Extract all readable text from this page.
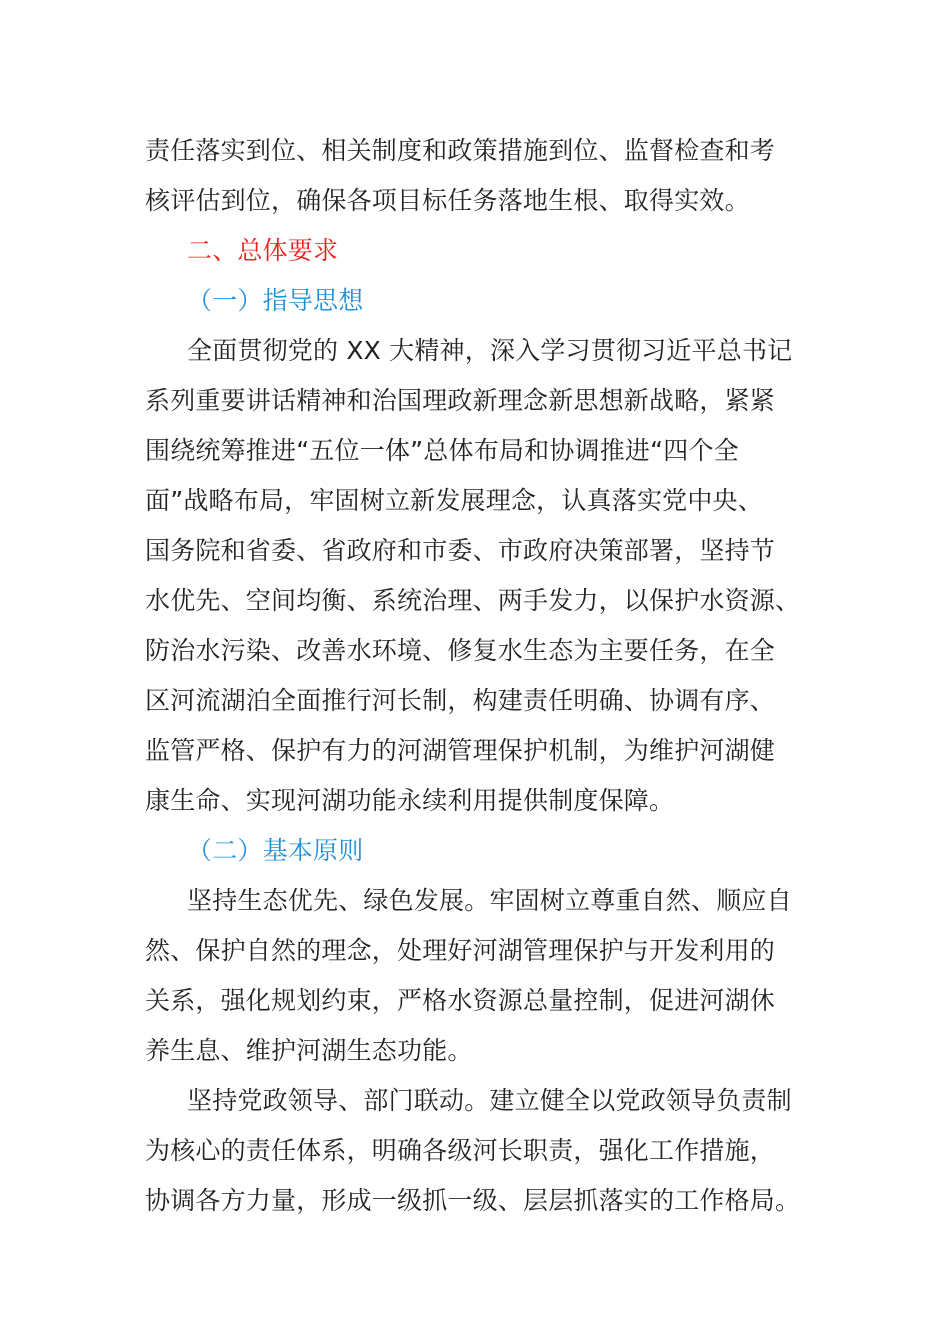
责任落实到位、相关制度和政策措施到位、监督检查和考
核评估到位，确保各项目标任务落地生根、取得实效。
二、总体要求
（一）指导思想
全面贯彻党的 XX 大精神，深入学习贯彻习近平总书记
系列重要讲话精神和治国理政新理念新思想新战略，紧紧
围绕统筹推进“五位一体”总体布局和协调推进“四个全
面”战略布局，牢固树立新发展理念，认真落实党中央、
国务院和省委、省政府和市委、市政府决策部署，坚持节
水优先、空间均衡、系统治理、两手发力，以保护水资源、
防治水污染、改善水环境、修复水生态为主要任务，在全
区河流湖泊全面推行河长制，构建责任明确、协调有序、
监管严格、保护有力的河湖管理保护机制，为维护河湖健
康生命、实现河湖功能永续利用提供制度保障。
（二）基本原则
坚持生态优先、绿色发展。牢固树立尊重自然、顺应自
然、保护自然的理念，处理好河湖管理保护与开发利用的
关系，强化规划约束，严格水资源总量控制，促进河湖休
养生息、维护河湖生态功能。
坚持党政领导、部门联动。建立健全以党政领导负责制
为核心的责任体系，明确各级河长职责，强化工作措施，
协调各方力量，形成一级抓一级、层层抓落实的工作格局。
